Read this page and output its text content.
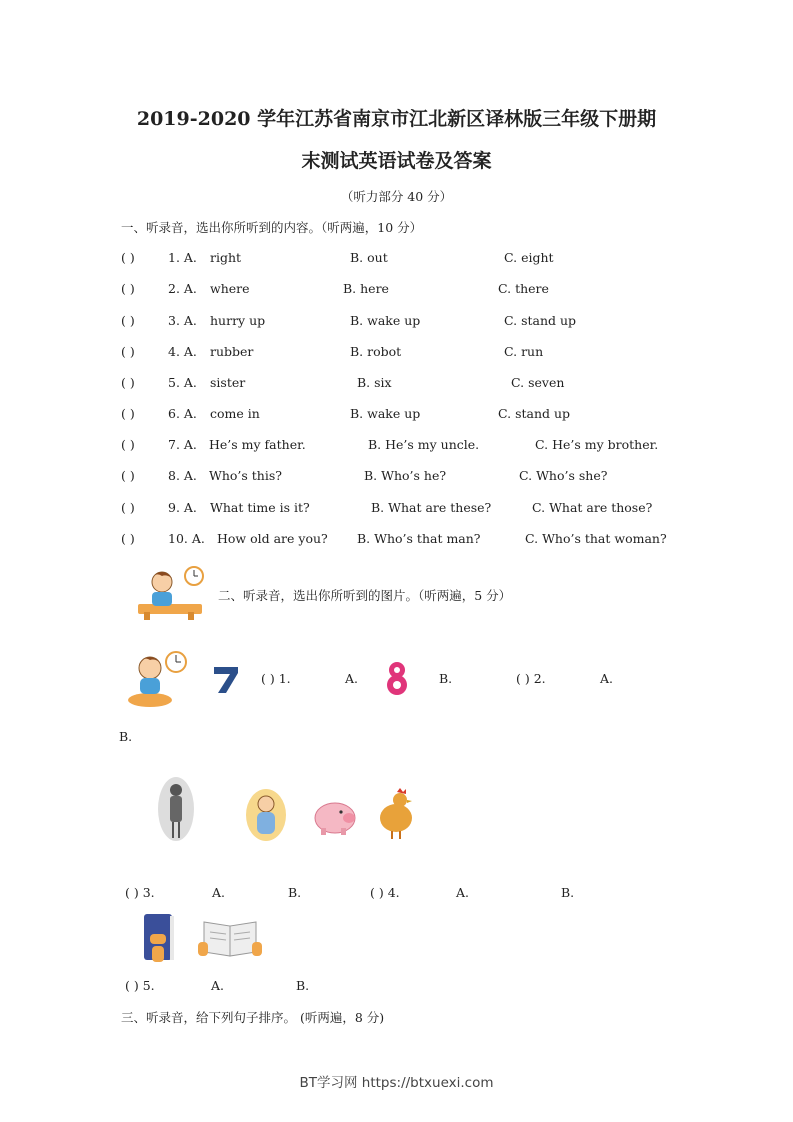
2019-2020 学年江苏省南京市江北新区译林版三年级下册期
末测试英语试卷及答案
（听力部分 40 分）
一、听录音，选出你所听到的内容。（听两遍，10 分）
( )	1. A. right	B. out	C. eight
( )	2. A. where	B. here	C. there
( )	3. A. hurry up	B. wake up	C. stand up
( )	4. A. rubber	B. robot	C. run
( )	5. A. sister	B. six	C. seven
( )	6. A. come in	B. wake up	C. stand up
( )	7. A. He’s my father.	B. He’s my uncle.	C. He’s my brother.
( )	8. A. Who’s this?	B. Who’s he?	C. Who’s she?
( )	9. A. What time is it?	B. What are these?	C. What are those?
( )	10. A. How old are you? B. Who’s that man?	C. Who’s that woman?
二、听录音，选出你所听到的图片。（听两遍，5 分）
( ) 1.	A.	B.	( ) 2.	A.
B.
( ) 3.	A.	B.	( ) 4.	A.	B.
( ) 5.	A.	B.
三、听录音，给下列句子排序。 (听两遍，8 分)
BT学习网 https://btxuexi.com
